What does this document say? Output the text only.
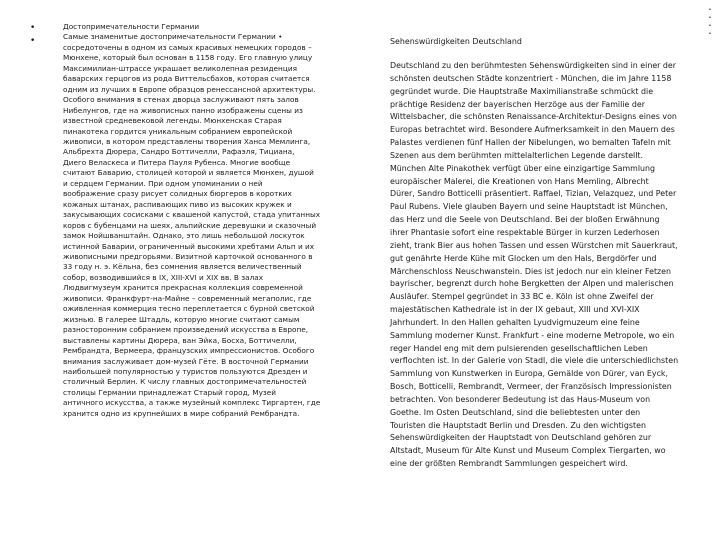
•
•

Достопримечательности Германии

Самые знаменитые достопримечательности Германии •
сосредоточены в одном из самых красивых немецких городов –
Мюнхене, который был основан в 1158 году. Его главную улицу
Максимилиан-штрассе украшает великолепная резиденция
баварских герцогов из рода Виттельсбахов, которая считается
одним из лучших в Европе образцов ренессансной архитектуры.
Особого внимания в стенах дворца заслуживают пять залов
Нибелунгов, где на живописных панно изображены сцены из
известной средневековой легенды. Мюнхенская Старая
пинакотека гордится уникальным собранием европейской
живописи, в котором представлены творения Ханса Мемлинга,
Альбрехта Дюрера, Сандро Боттичелли, Рафаэля, Тициана,
Диего Веласкеса и Питера Пауля Рубенса. Многие вообще
считают Баварию, столицей которой и является Мюнхен, душой
и сердцем Германии. При одном упоминании о ней
воображение сразу рисует солидных бюргеров в коротких
кожаных штанах, распивающих пиво из высоких кружек и
закусывающих сосисками с квашеной капустой, стада упитанных
коров с бубенцами на шеях, альпийские деревушки и сказочный
замок Нойшванштайн. Однако, это лишь небольшой лоскуток
истинной Баварии, ограниченный высокими хребтами Альп и их
живописными предгорьями. Визитной карточкой основанного в
33 году н. э. Кёльна, без сомнения является величественный
собор, возводившийся в IX, XIII-XVI и XIX вв. В залах
Людвигмузеум хранится прекрасная коллекция современной
живописи. Франкфурт-на-Майне – современный мегаполис, где
оживленная коммерция тесно переплетается с бурной светской
жизнью. В галерее Штадль, которую многие считают самым
разносторонним собранием произведений искусства в Европе,
выставлены картины Дюрера, ван Эйка, Босха, Боттичелли,
Рембрандта, Вермеера, французских импрессионистов. Особого
внимания заслуживает дом-музей Гёте. В восточной Германии
наибольшей популярностью у туристов пользуются Дрезден и
столичный Берлин. К числу главных достопримечательностей
столицы Германии принадлежат Старый город, Музей
античного искусства, а также музейный комплекс Тиргартен, где
хранится одно из крупнейших в мире собраний Рембрандта.

Sehenswürdigkeiten Deutschland

Deutschland zu den berühmtesten Sehenswürdigkeiten sind in einer der
schönsten deutschen Städte konzentriert - München, die im Jahre 1158
gegründet wurde. Die Hauptstraße Maximilianstraße schmückt die
prächtige Residenz der bayerischen Herzöge aus der Familie der
Wittelsbacher, die schönsten Renaissance-Architektur-Designs eines von
Europas betrachtet wird. Besondere Aufmerksamkeit in den Mauern des
Palastes verdienen fünf Hallen der Nibelungen, wo bemalten Tafeln mit
Szenen aus dem berühmten mittelalterlichen Legende darstellt.
München Alte Pinakothek verfügt über eine einzigartige Sammlung
europäischer Malerei, die Kreationen von Hans Memling, Albrecht
Dürer, Sandro Botticelli präsentiert. Raffael, Tizian, Velazquez, und Peter
Paul Rubens. Viele glauben Bayern und seine Hauptstadt ist München,
das Herz und die Seele von Deutschland. Bei der bloßen Erwähnung
ihrer Phantasie sofort eine respektable Bürger in kurzen Lederhosen
zieht, trank Bier aus hohen Tassen und essen Würstchen mit Sauerkraut,
gut genährte Herde Kühe mit Glocken um den Hals, Bergdörfer und
Märchenschloss Neuschwanstein. Dies ist jedoch nur ein kleiner Fetzen
bayrischer, begrenzt durch hohe Bergketten der Alpen und malerischen
Ausläufer. Stempel gegründet in 33 BC e. Köln ist ohne Zweifel der
majestätischen Kathedrale ist in der IX gebaut, XIII und XVI-XIX
Jahrhundert. In den Hallen gehalten Lyudvigmuzeum eine feine
Sammlung moderner Kunst. Frankfurt - eine moderne Metropole, wo ein
reger Handel eng mit dem pulsierenden gesellschaftlichen Leben
verflochten ist. In der Galerie von Stadl, die viele die unterschiedlichsten
Sammlung von Kunstwerken in Europa, Gemälde von Dürer, van Eyck,
Bosch, Botticelli, Rembrandt, Vermeer, der Französisch Impressionisten
betrachten. Von besonderer Bedeutung ist das Haus-Museum von
Goethe. Im Osten Deutschland, sind die beliebtesten unter den
Touristen die Hauptstadt Berlin und Dresden. Zu den wichtigsten
Sehenswürdigkeiten der Hauptstadt von Deutschland gehören zur
Altstadt, Museum für Alte Kunst und Museum Complex Tiergarten, wo
eine der größten Rembrandt Sammlungen gespeichert wird.

•
•
•
•
